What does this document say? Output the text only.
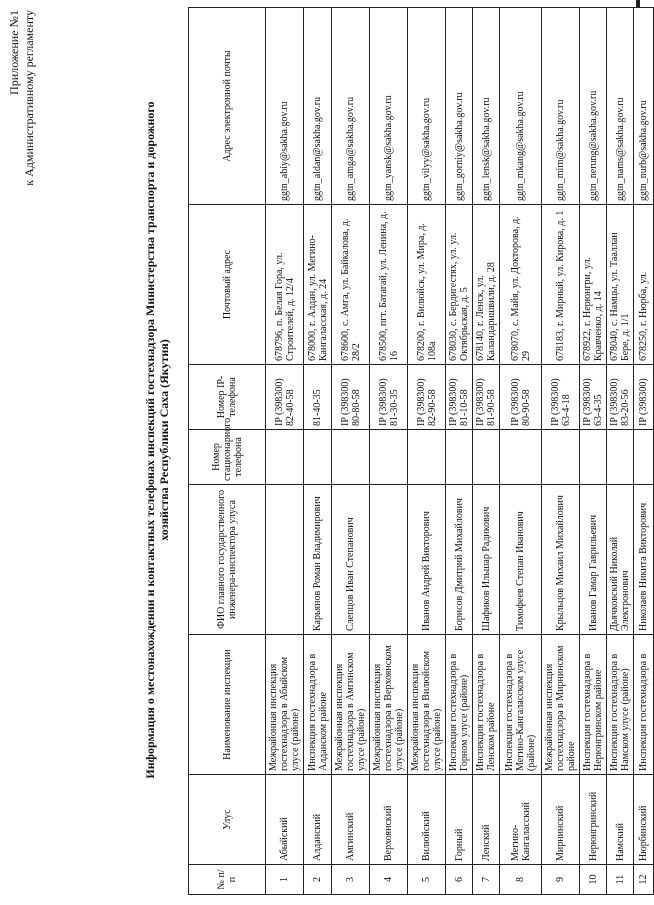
Приложение №1 к Административному регламенту
Информация о местонахождении и контактных телефонах инспекций гостехнадзора Министерства транспорта и дорожного хозяйства Республики Саха (Якутия)
№ п/п	Улус	Наименование инспекции	ФИО главного государственного инженера-инспектора улуса	Номер стационарного телефона	Номер IP-телефона	Почтовый адрес	Адрес электронной почты
1	Абыйский	Межрайонная инспекция гостехнадзора в Абыйском улусе (районе)			IP (398300) 82-40-58	678796, п. Белая Гора, ул. Строителей, д. 12/4	ggtn_abiy@sakha.gov.ru
2	Алданский	Инспекция гостехнадзора в Алданском районе	Карьянов Роман Владимирович		81-40-35	678000, г. Алдан, ул. Мегино-Кангаласская, д. 24	ggtn_aldan@sakha.gov.ru
3	Амгинский	Межрайонная инспекция гостехнадзора в Амгинском улусе (районе)	Слепцов Иван Степанович		IP (398300) 80-80-58	678600, с. Амга, ул. Байкалова, д. 28/2	ggtn_amga@sakha.gov.ru
4	Верхоянский	Межрайонная инспекция гостехнадзора в Верхоянском улусе (районе)			IP (398300) 81-30-35	678500, пгт. Батагай, ул. Ленина, д. 16	ggtn_yansk@sakha.gov.ru
5	Вилюйский	Межрайонная инспекция гостехнадзора в Вилюйском улусе (районе)	Иванов Андрей Викторович		IP (398300) 82-90-58	678200, г. Вилюйск, ул. Мира, д. 108а	ggtn_vilyy@sakha.gov.ru
6	Горный	Инспекция гостехнадзора в Горном улусе (районе)	Борисов Дмитрий Михайлович		IP (398300) 81-10-58	678030, с. Бердигестях, ул. ул. Октябрьская, д. 5	ggtn_gorniy@sakha.gov.ru
7	Ленский	Инспекция гостехнадзора в Ленском районе	Шафиков Ильшар Радикович		IP (398300) 81-90-58	678140, г. Ленск, ул. Каландаришвили, д. 28	ggtn_lensk@sakha.gov.ru
8	Мегино-Кангаласский	Инспекция гостехнадзора в Мегино-Кангаласском улусе (районе)	Тимофеев Степан Иванович		IP (398300) 80-90-58	678070, с. Майя, ул. Докторова, д. 29	ggtn_mkang@sakha.gov.ru
9	Мирнинский	Межрайонная инспекция гостехнадзора в Мирнинском районе	Крыльцов Михаил Михайлович		IP (398300) 63-4-18	678183, г. Мирный, ул. Кирова, д. 1	ggtn_mirn@sakha.gov.ru
10	Нерюнгринский	Инспекция гостехнадзора в Нерюнгринском районе	Иванов Гамар Гаврильевич		IP (398300) 63-4-35	678922, г. Нерюнгри, ул. Кравченко, д. 14	ggtn_nerung@sakha.gov.ru
11	Намский	Инспекция гостехнадзора в Намском улусе (районе)	Дьячковский Николай Электронович		IP (398300) 83-20-56	678040, с. Намцы, ул. Тааллан Бере, д. 1/1	ggtn_nams@sakha.gov.ru
12	Нюрбинский	Инспекция гостехнадзора в	Николаев Никита Викторович		IP (398300)	678250, г. Нюрба, ул.	ggtn_nurb@sakha.gov.ru
